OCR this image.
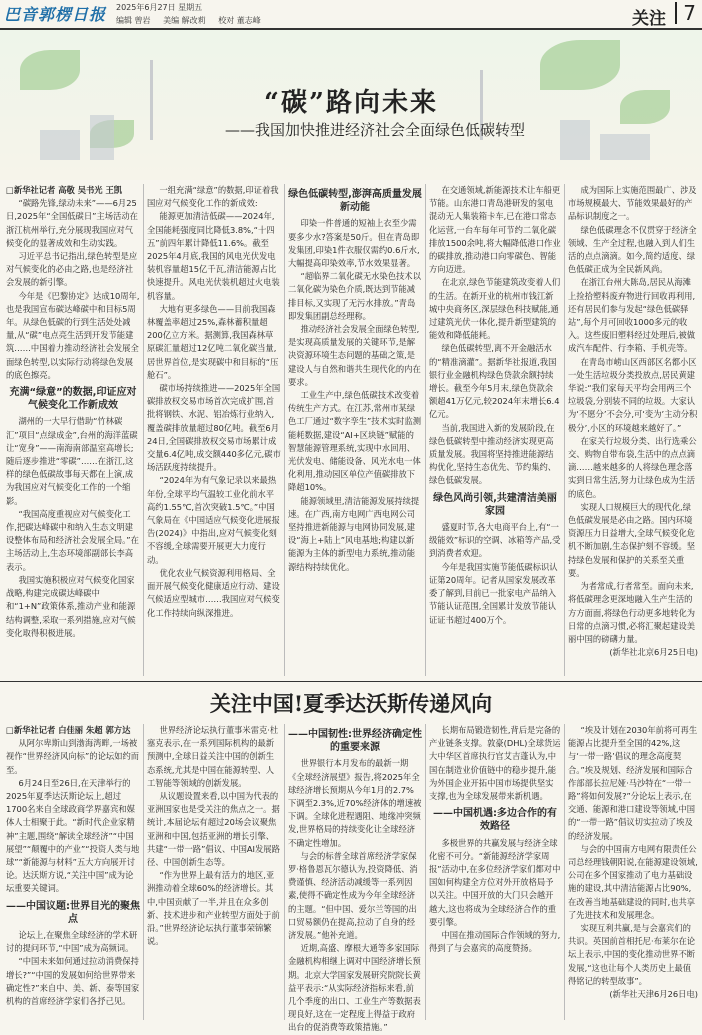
巴音郭楞日报 2025年6月27日 星期五
编辑 曾岩 美编 解改莉 校对 董志峰	关注 7
“碳”路向未来
——我国加快推进经济社会全面绿色低碳转型

□新华社记者 高敬 吴书光 王凯

“碳路先锋,绿动未来”——6月25日,2025年“全国低碳日”主场活动在浙江杭州举行,充分展现我国应对气候变化的显著成效和生动实践。

习近平总书记指出,绿色转型是应对气候变化的必由之路,也是经济社会发展的新引擎。

今年是《巴黎协定》达成10周年,也是我国宣布碳达峰碳中和目标5周年。从绿色低碳的行到生活处处减量,从“碳”电点亮生活到开发节能建筑……中国着力推动经济社会发展全面绿色转型,以实际行动将绿色发展的底色擦亮。

充满“绿意”的数据,印证应对气候变化工作新成效

湖州的一大早行借助“竹林碳汇”项目“点绿成金”,台州的海洋蓝碳让“宽身”——南海南部温室高增长;随后逐步推进“零碳”……在浙江,这样的绿色低碳故事每天都在上演,成为我国应对气候变化工作的一个缩影。

“我国高度重视应对气候变化工作,把碳达峰碳中和纳入生态文明建设整体布局和经济社会发展全局。”在主场活动上,生态环境部副部长李高表示。

我国实施积极应对气候变化国家战略,构建完成碳达峰碳中和“1+N”政策体系,推动产业和能源结构调整,采取一系列措施,应对气候变化取得积极进展。

一组充满“绿意”的数据,印证着我国应对气候变化工作的新成效:

能源更加清洁低碳——2024年,全国能耗强度同比降低3.8%,“十四五”前四年累计降低11.6%。截至2025年4月底,我国的风电光伏发电装机容量超15亿千瓦,清洁能源占比快速提升。风电光伏装机超过火电装机容量。

大地有更多绿色——目前我国森林覆盖率超过25%,森林蓄积量超200亿立方米。据测算,我国森林草原碳汇量超过12亿吨二氧化碳当量,居世界首位,是实现碳中和目标的“压舱石”。

碳市场持续推进——2025年全国碳排放权交易市场首次完成扩围,首批将钢铁、水泥、铝冶炼行业纳入,覆盖碳排放量超过80亿吨。截至6月24日,全国碳排放权交易市场累计成交量6.4亿吨,成交额440多亿元,碳市场活跃度持续提升。

“2024年为有气象记录以来最热年份,全球平均气温较工业化前水平高约1.55℃,首次突破1.5℃。”中国气象局在《中国适应气候变化进展报告(2024)》中指出,应对气候变化刻不容缓,全球需要开展更大力度行动。

优化农业气候资源利用格局、全面开展气候变化健康适应行动、建设气候适应型城市……我国应对气候变化工作持续向纵深推进。

绿色低碳转型,澎湃高质量发展新动能

印染一件普通的短袖上衣至少需要多少水?答案是50斤。但在青岛即发集团,印染1件衣服仅需约0.6斤水,大幅提高印染效率,节水效果显著。

“超临界二氧化碳无水染色技术以二氧化碳为染色介质,既达到节能减排目标,又实现了无污水排放。”青岛即发集团副总经理称。

推动经济社会发展全面绿色转型,是实现高质量发展的关键环节,是解决资源环境生态问题的基础之策,是建设人与自然和谐共生现代化的内在要求。

工业生产中,绿色低碳技术改变着传统生产方式。在江苏,常州市某绿色工厂通过“数字孪生”技术实时监测能耗数据,建设“AI+区块链”赋能的智慧能源管理系统,实现中水回用、光伏发电、储能设备、风光水电一体化利用,推动园区单位产值碳排放下降超10%。

能源领域里,清洁能源发展持续提速。在广西,南方电网广西电网公司坚持推进新能源与电网协同发展,建设“海上+陆上”风电基地;构建以新能源为主体的新型电力系统,推动能源结构持续优化。

在交通领域,新能源技术让车船更节能。山东港口青岛港研发的氢电混动无人集装箱卡车,已在港口常态化运营,一台车每年可节约二氧化碳排放1500余吨,将大幅降低港口作业的碳排放,推动港口向零碳色、智能方向迈进。

在北京,绿色节能建筑改变着人们的生活。在新开业的杭州市钱江新城中央商务区,深层绿色科技赋能,通过建筑光伏一体化,提升新型建筑的能效和降低能耗。

绿色低碳转型,离不开金融活水的“精准滴灌”。据新华社报道,我国银行业金融机构绿色贷款余额持续增长。截至今年5月末,绿色贷款余额超41万亿元,较2024年末增长6.4亿元。

当前,我国进入新的发展阶段,在绿色低碳转型中推动经济实现更高质量发展。我国将坚持推进能源结构优化,坚持生态优先、节约集约、绿色低碳发展。

绿色风尚引领,共建清洁美丽家园

盛夏时节,各大电商平台上,有“一级能效”标识的空调、冰箱等产品,受到消费者欢迎。

今年是我国实施节能低碳标识认证第20周年。记者从国家发展改革委了解到,目前已一批家电产品纳入节能认证范围,全国累计发放节能认证证书超过400万个。

成为国际上实施范围最广、涉及市场规模最大、节能效果最好的产品标识制度之一。

绿色低碳理念不仅贯穿于经济全领域、生产全过程,也融入到人们生活的点点滴滴。如今,简约适度、绿色低碳正成为全民新风尚。

在浙江台州大陈岛,居民从海滩上捡拾塑料废弃物进行回收再利用,还有居民们参与发起“绿色低碳驿站”,每个月可回收1000多元的收入。这些废旧塑料经过处理后,被做成汽车配件、行李箱、手机壳等。

在青岛市崂山区西部区名都小区一处生活垃圾分类投放点,居民黄建华说:“我们家每天平均会用两三个垃圾袋,分别装不同的垃圾。大家认为‘不愿分’不会分,可‘变为’主动分积极分’,小区的环境越来越好了。”

在家关行垃圾分类、出行选乘公交、购物自带布袋,生活中的点点滴滴……越来越多的人将绿色理念落实到日常生活,努力让绿色成为生活的底色。

实现人口规模巨大的现代化,绿色低碳发展是必由之路。国内环境资源压力日益增大,全球气候变化危机不断加剧,生态保护刻不容缓。坚持绿色发展和保护的关系至关重要。

为者常成,行者常至。面向未来,将低碳理念更深地融入生产生活的方方面面,将绿色行动更多地转化为日常的点滴习惯,必将汇聚起建设美丽中国的磅礴力量。

(新华社北京6月25日电)

关注中国!夏季达沃斯传递风向

□新华社记者 白佳丽 朱超 郭方达

从阿尔卑斯山到渤海湾畔,一场被视作“世界经济风向标”的论坛如约而至。

6月24日至26日,在天津举行的2025年夏季达沃斯论坛上,超过1700名来自全球政商学界嘉宾和媒体人士相聚于此。“新时代企业家精神”主题,围绕“解读全球经济”“中国展望”“颠覆中的产业”“投资人类与地球”“新能源与材料”五大方向展开讨论。达沃斯方说,“关注中国”成为论坛重要关键词。

——中国议题:世界目光的聚焦点

论坛上,在聚焦全球经济的学术研讨的提问环节,“中国”成为高频词。

“中国未来如何通过拉动消费保持增长?”“中国的发展如何给世界带来确定性?”来自中、美、新、泰等国家机构的首席经济学家们各抒己见。

世界经济论坛执行董事米雷克·杜塞克表示,在一系列国际机构的最新预测中,全球日益关注中国的创新生态系统,尤其是中国在能源转型、人工智能等领域的创新发展。

从议题设置来看,以中国为代表的亚洲国家也是受关注的焦点之一。据统计,本届论坛有超过20场会议聚焦亚洲和中国,包括亚洲的增长引擎、共建“一带一路”倡议、中国AI发展路径、中国创新生态等。

“作为世界上最有活力的地区,亚洲推动着全球60%的经济增长。其中,中国贡献了一半,并且在众多创新、技术进步和产业转型方面处于前沿。”世界经济论坛执行董事荣锦繁说。

——中国韧性:世界经济确定性的重要来源

世界银行本月发布的最新一期《全球经济展望》报告,将2025年全球经济增长预期从今年1月的2.7%下调至2.3%,近70%经济体的增速被下调。全球化进程遇阻、地缘冲突频发,世界格局的持续变化让全球经济不确定性增加。

与会的标普全球首席经济学家保罗·格鲁恩瓦尔德认为,投资降低、消费谨慎、经济活动减缓等一系列因素,使得不确定性成为今年全球经济的主题。“但中国、爱尔兰等国的出口贸易额仍在提高,拉动了自身的经济发展。”他补充道。

近期,高盛、摩根大通等多家国际金融机构相继上调对中国经济增长预期。北京大学国家发展研究院院长黄益平表示:“从实际经济指标来看,前几个季度的出口、工业生产等数据表现良好,这在一定程度上得益于政府出台的促消费等政策措施。”

长期布局锻造韧性,背后是完备的产业链条支撑。敦豪(DHL)全球货运大中华区首席执行官艾吉蓬认为,中国在制造业价值链中的稳步提升,能为外国企业开拓中国市场提供坚实支撑,也为全球发展带来新机遇。

——中国机遇:多边合作的有效路径

多极世界的共赢发展与经济全球化密不可分。“新能源经济学家周报”活动中,在多位经济学家们都对中国如何构建全方位对外开放格局予以关注。中国开放的大门只会越开越大,这也将成为全球经济合作的重要引擎。

中国在推动国际合作领域的努力,得到了与会嘉宾的高度赞扬。

“埃及计划在2030年前将可再生能源占比提升至全国的42%,这与‘一带一路’倡议的理念高度契合。”埃及规划、经济发展和国际合作部部长拉尼娅·马沙特在“一带一路”将如何发展?”分论坛上表示,在交通、能源和港口建设等领域,中国的“一带一路”倡议切实拉动了埃及的经济发展。

与会的中国南方电网有限责任公司总经理钱朝阳说,在能源建设领域,公司在多个国家推动了电力基础设施的建设,其中清洁能源占比90%,在改善当地基础建设的同时,也共享了先进技术和发展理念。

实现互利共赢,是与会嘉宾们的共识。英国前首相托尼·布莱尔在论坛上表示,中国的变化推动世界不断发展,“这也让每个人类历史上最值得铭记的转型故事”。

(新华社天津6月26日电)
